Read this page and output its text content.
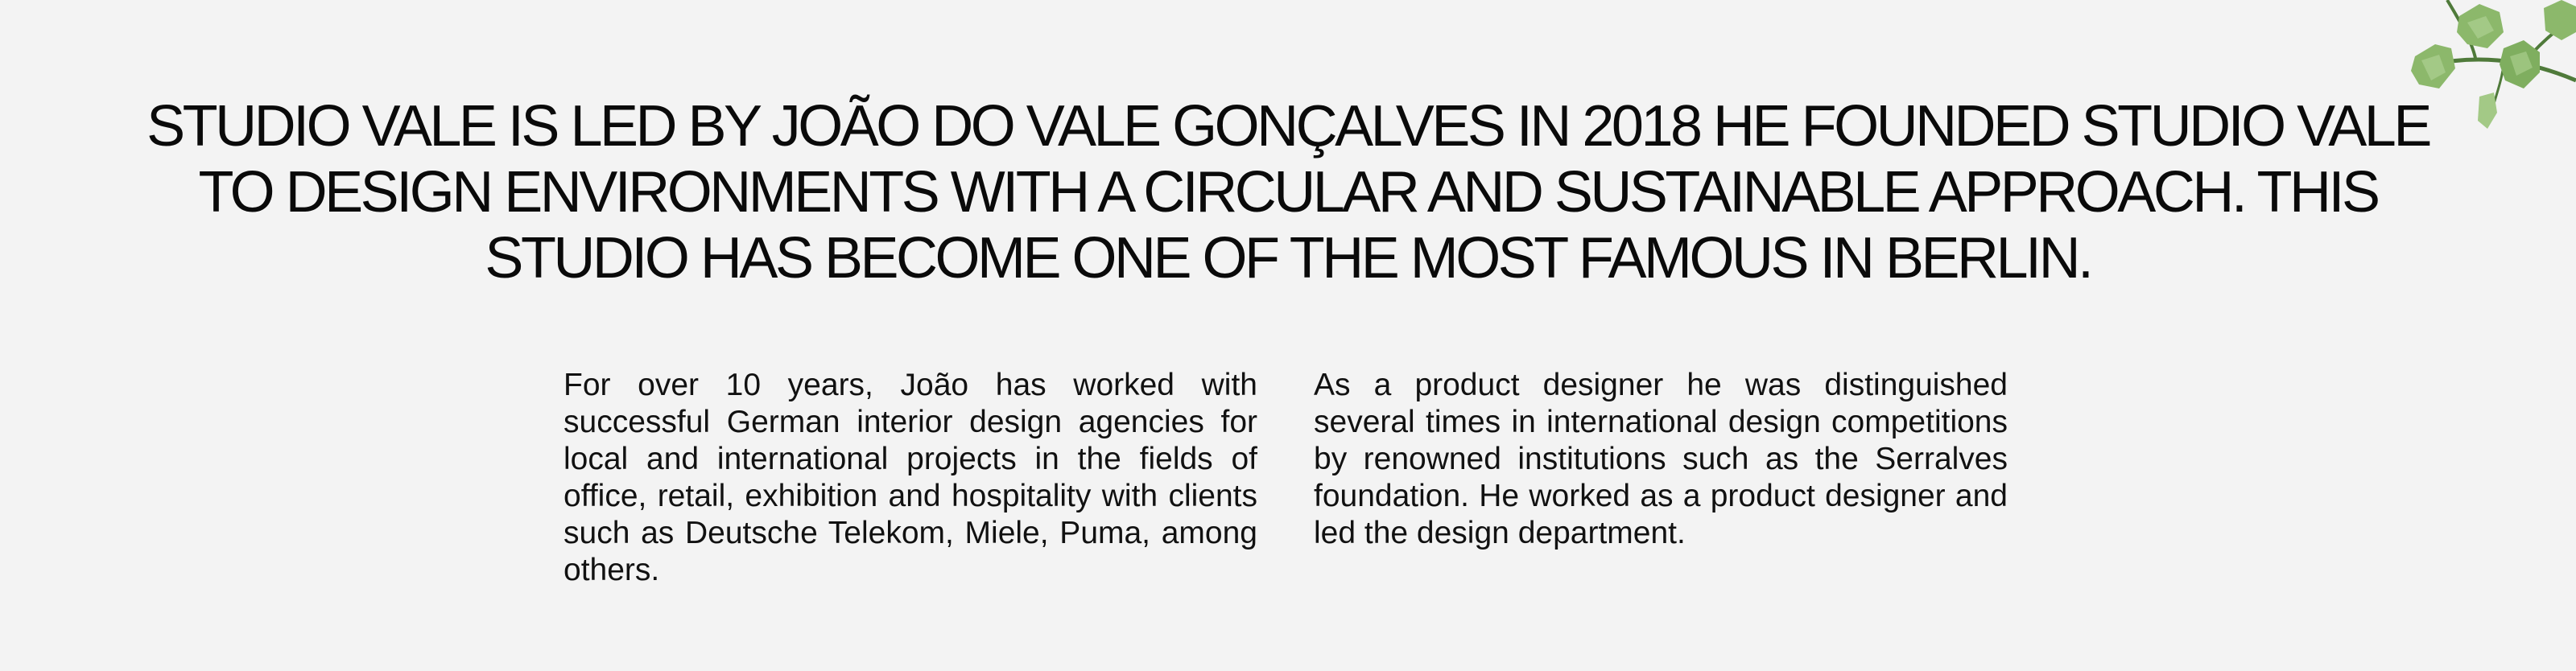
STUDIO VALE IS LED BY JOÃO DO VALE GONÇALVES IN 2018 HE FOUNDED STUDIO VALE TO DESIGN ENVIRONMENTS WITH A CIRCULAR AND SUSTAINABLE APPROACH. THIS STUDIO HAS BECOME ONE OF THE MOST FAMOUS IN BERLIN.

For over 10 years, João has worked with successful German interior design agencies for local and international projects in the fields of office, retail, exhibition and hospitality with clients such as Deutsche Telekom, Miele, Puma, among others.

As a product designer he was distinguished several times in international design competitions by renowned institutions such as the Serralves foundation. He worked as a product designer and led the design department.
